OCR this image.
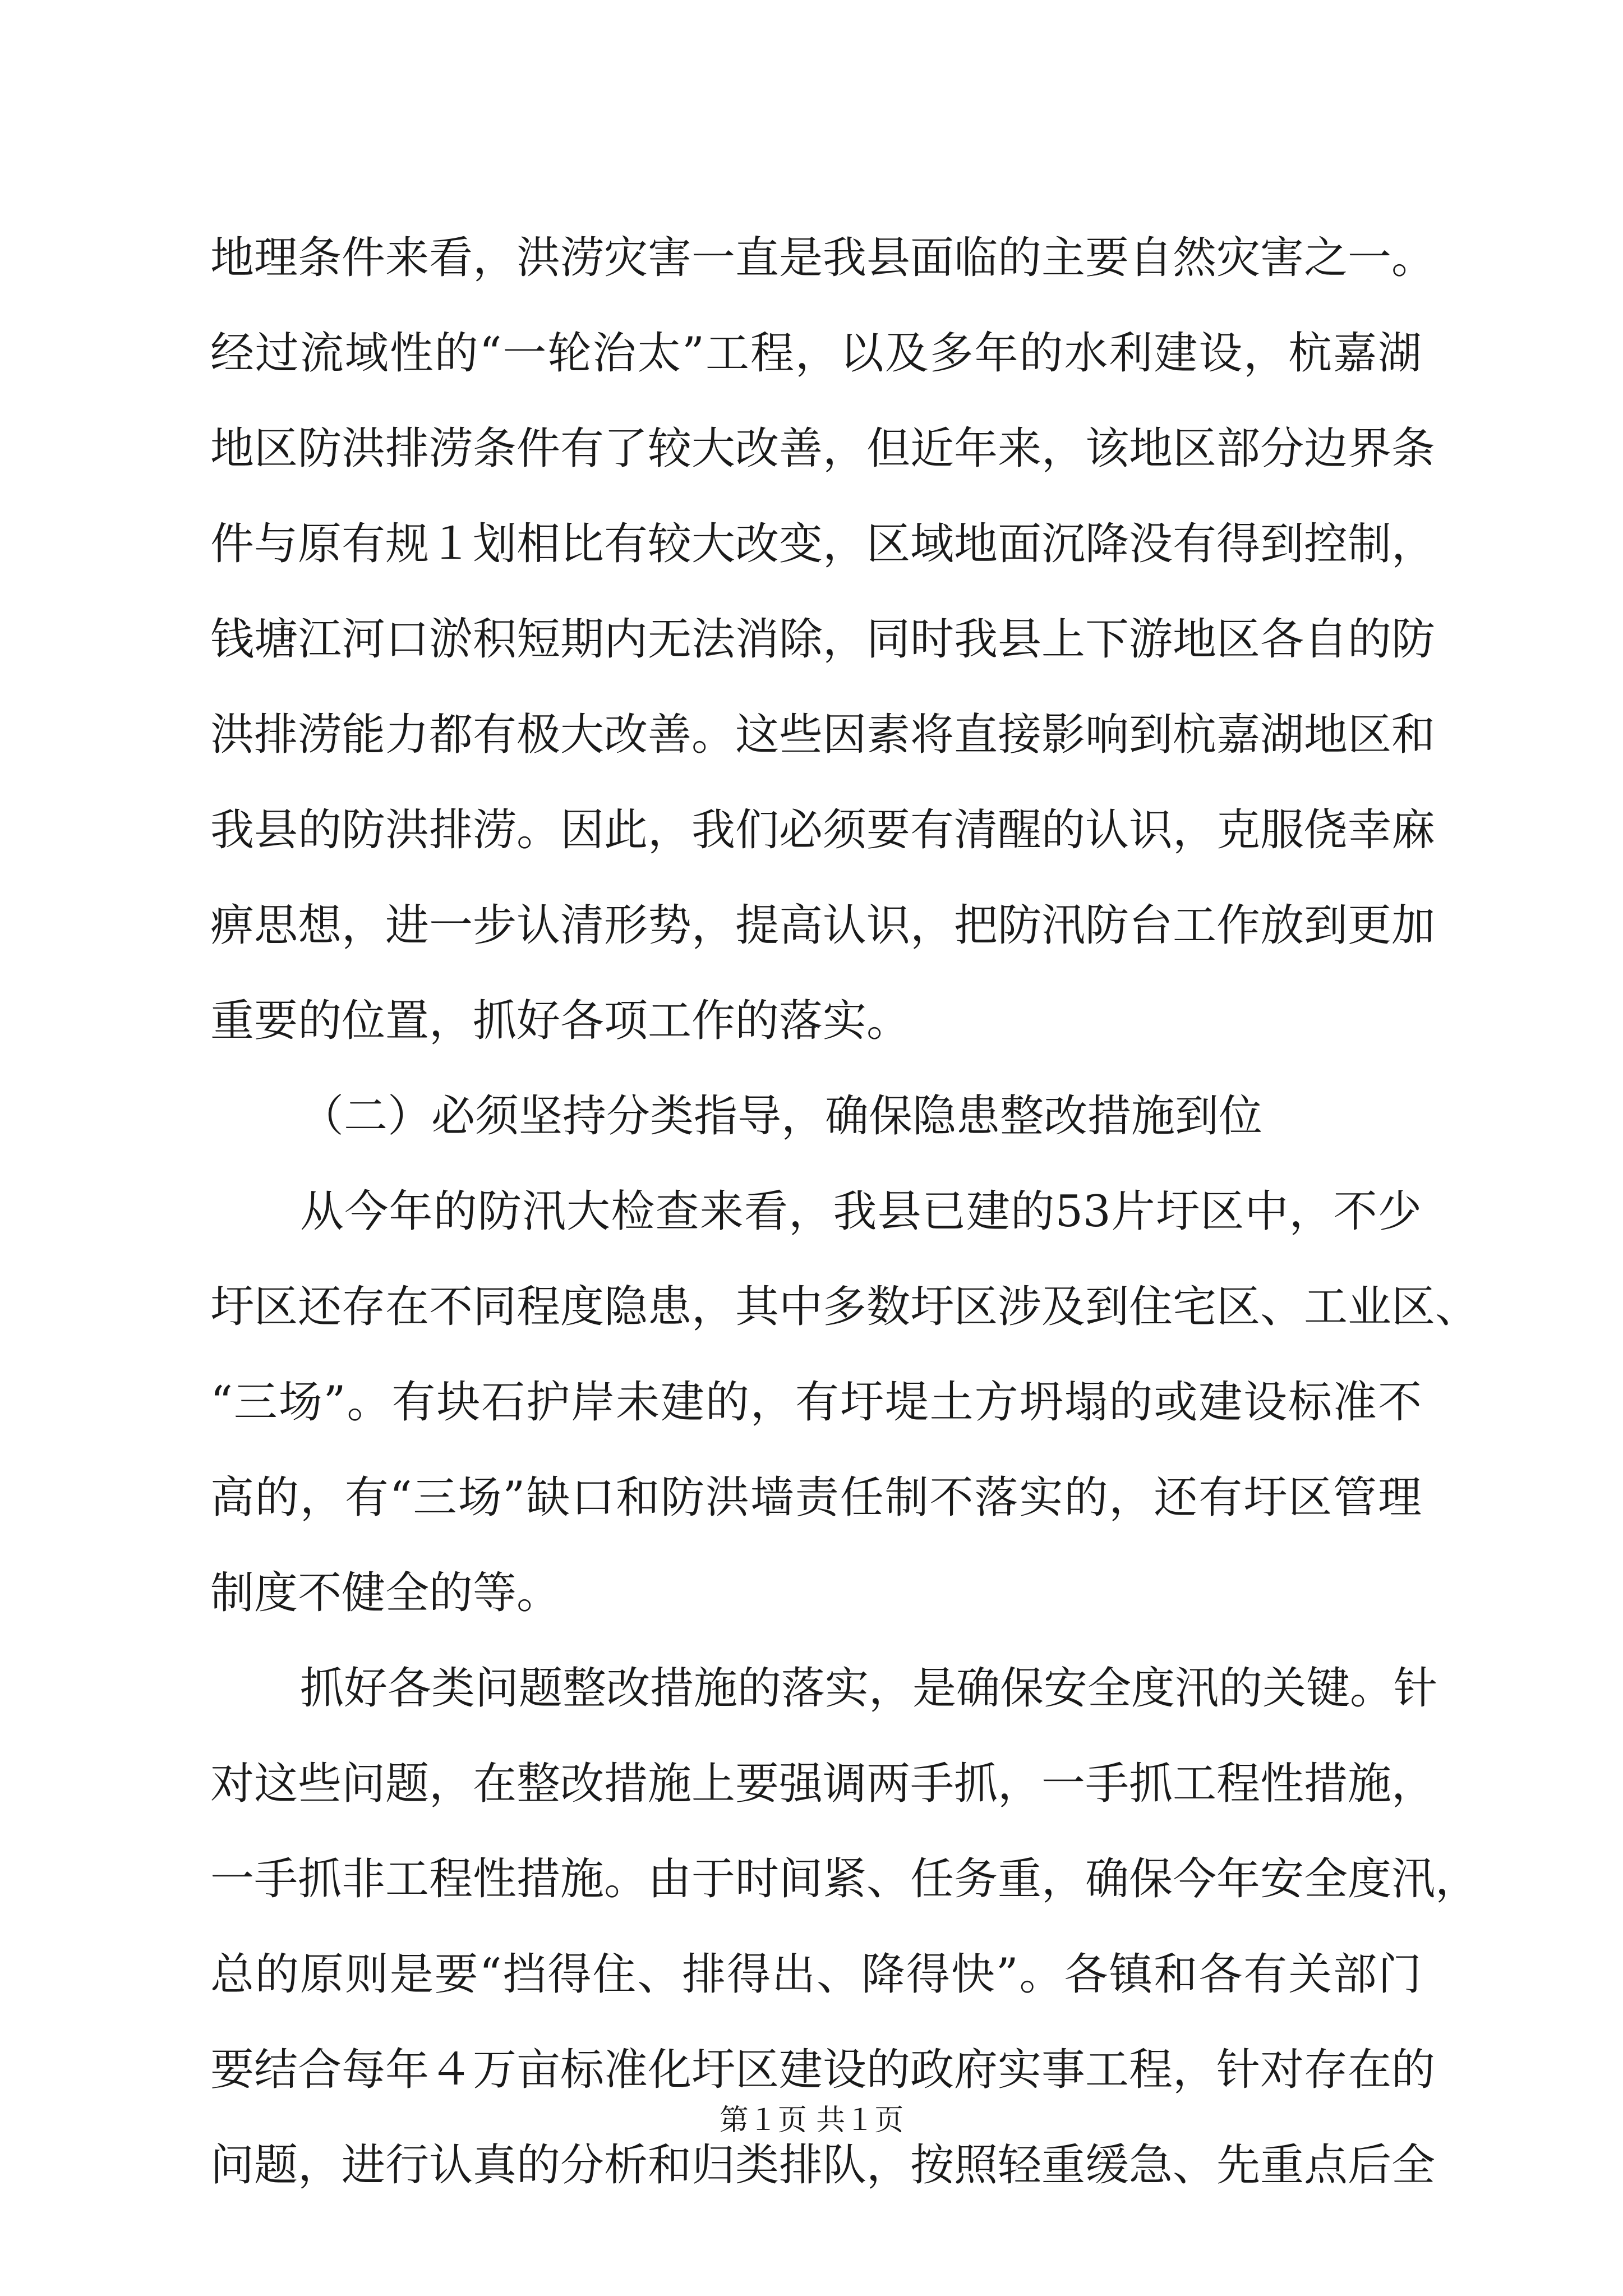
地理条件来看，洪涝灾害一直是我县面临的主要自然灾害之一。
经过流域性的“一轮治太”工程，以及多年的水利建设，杭嘉湖
地区防洪排涝条件有了较大改善，但近年来，该地区部分边界条
件与原有规１划相比有较大改变，区域地面沉降没有得到控制，
钱塘江河口淤积短期内无法消除，同时我县上下游地区各自的防
洪排涝能力都有极大改善。这些因素将直接影响到杭嘉湖地区和
我县的防洪排涝。因此，我们必须要有清醒的认识，克服侥幸麻
痹思想，进一步认清形势，提高认识，把防汛防台工作放到更加
重要的位置，抓好各项工作的落实。
（二）必须坚持分类指导，确保隐患整改措施到位
从今年的防汛大检查来看，我县已建的53片圩区中，不少
圩区还存在不同程度隐患，其中多数圩区涉及到住宅区、工业区、
“三场”。有块石护岸未建的，有圩堤土方坍塌的或建设标准不
高的，有“三场”缺口和防洪墙责任制不落实的，还有圩区管理
制度不健全的等。
抓好各类问题整改措施的落实，是确保安全度汛的关键。针
对这些问题，在整改措施上要强调两手抓，一手抓工程性措施，
一手抓非工程性措施。由于时间紧、任务重，确保今年安全度汛，
总的原则是要“挡得住、排得出、降得快”。各镇和各有关部门
要结合每年４万亩标准化圩区建设的政府实事工程，针对存在的
问题，进行认真的分析和归类排队，按照轻重缓急、先重点后全
第１页 共１页
